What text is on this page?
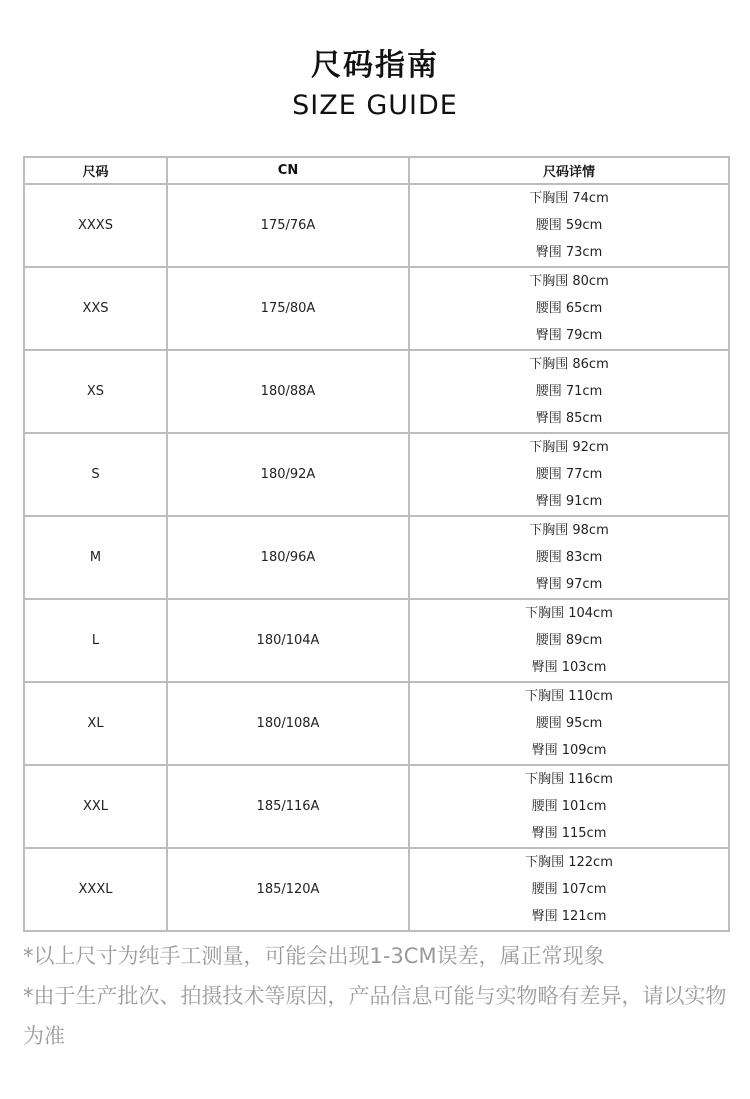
尺码指南
SIZE GUIDE
尺码	CN	尺码详情
XXXS	175/76A	下胸围 74cm
腰围 59cm
臀围 73cm

XXS	175/80A	下胸围 80cm
腰围 65cm
臀围 79cm

XS	180/88A	下胸围 86cm
腰围 71cm
臀围 85cm

S	180/92A	下胸围 92cm
腰围 77cm
臀围 91cm

M	180/96A	下胸围 98cm
腰围 83cm
臀围 97cm

L	180/104A	下胸围 104cm
腰围 89cm
臀围 103cm

XL	180/108A	下胸围 110cm
腰围 95cm
臀围 109cm

XXL	185/116A	下胸围 116cm
腰围 101cm
臀围 115cm

XXXL	185/120A	下胸围 122cm
腰围 107cm
臀围 121cm

*以上尺寸为纯手工测量，可能会出现1-3CM误差，属正常现象

*由于生产批次、拍摄技术等原因，产品信息可能与实物略有差异，请以实物为准
